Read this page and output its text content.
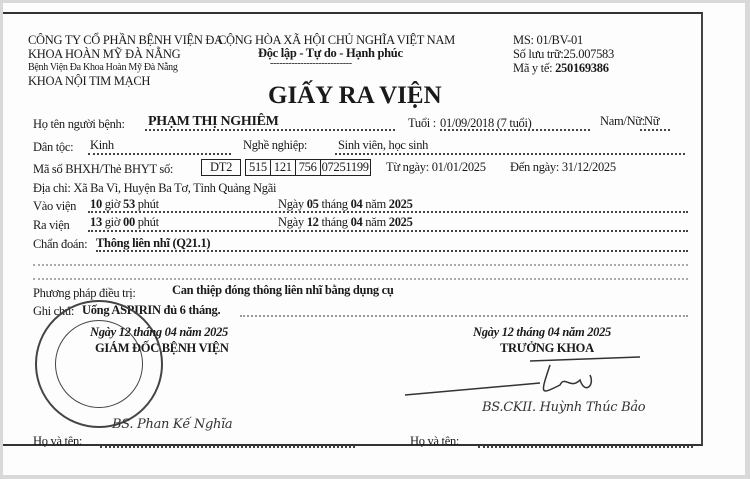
CÔNG TY CỔ PHẦN BỆNH VIỆN ĐA
KHOA HOÀN MỸ ĐÀ NẴNG
Bệnh Viện Đa Khoa Hoàn Mỹ Đà Nẵng
KHOA NỘI TIM MẠCH
CỘNG HÒA XÃ HỘI CHỦ NGHĨA VIỆT NAM
Độc lập - Tự do - Hạnh phúc
---------------------------
MS: 01/BV-01
Số lưu trữ:25.007583
Mã y tế: 250169386
GIẤY RA VIỆN
Họ tên người bệnh: PHẠM THỊ NGHIÊM	Tuổi : 01/09/2018 (7 tuổi)	Nam/Nữ: Nữ
Dân tộc: Kinh	Nghề nghiệp: Sinh viên, học sinh
Mã số BHXH/Thẻ BHYT số:	DT2 515 121 756 07251199 Từ ngày: 01/01/2025 Đến ngày: 31/12/2025
Địa chỉ: Xã Ba Vì, Huyện Ba Tơ, Tỉnh Quảng Ngãi
Vào viện 10 giờ 53 phút	Ngày 05 tháng 04 năm 2025
Ra viện 13 giờ 00 phút	Ngày 12 tháng 04 năm 2025
Chẩn đoán: Thông liên nhĩ (Q21.1)
Phương pháp điều trị:	Can thiệp đóng thông liên nhĩ bằng dụng cụ
Ghi chú: Uống ASPIRIN đủ 6 tháng.
Ngày 12 tháng 04 năm 2025
GIÁM ĐỐC BỆNH VIỆN
BS. Phan Kế Nghĩa
Họ và tên:
Ngày 12 tháng 04 năm 2025
TRƯỞNG KHOA
BS.CKII. Huỳnh Thúc Bảo
Họ và tên:
